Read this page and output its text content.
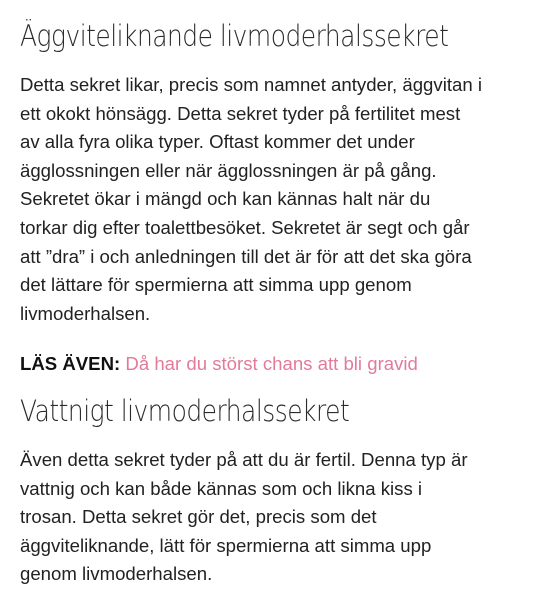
Äggviteliknande livmoderhalssekret

Detta sekret likar, precis som namnet antyder, äggvitan i
ett okokt hönsägg. Detta sekret tyder på fertilitet mest
av alla fyra olika typer. Oftast kommer det under
ägglossningen eller när ägglossningen är på gång.
Sekretet ökar i mängd och kan kännas halt när du
torkar dig efter toalettbesöket. Sekretet är segt och går
att ”dra” i och anledningen till det är för att det ska göra
det lättare för spermierna att simma upp genom
livmoderhalsen.

LÄS ÄVEN: Då har du störst chans att bli gravid
Vattnigt livmoderhalssekret

Även detta sekret tyder på att du är fertil. Denna typ är
vattnig och kan både kännas som och likna kiss i
trosan. Detta sekret gör det, precis som det
äggviteliknande, lätt för spermierna att simma upp
genom livmoderhalsen.
